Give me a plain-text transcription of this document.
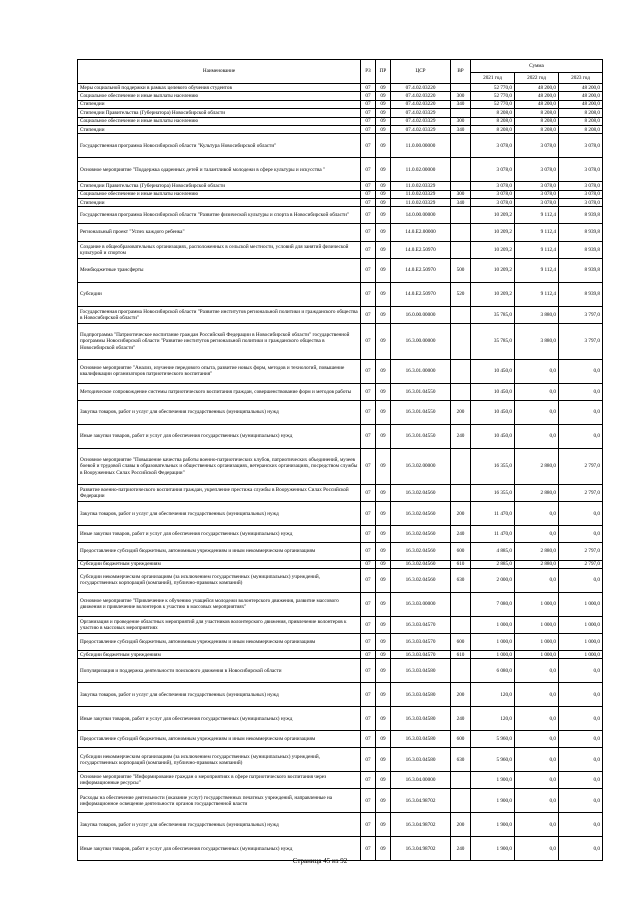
Наименование	РЗ	ПР	ЦСР	ВР	Сумма		
					2021 год	2022 год	2023 год
Меры социальной поддержки в рамках целевого обучения студентов	07	09	07.4.02.03220		52 770,0	48 200,0	48 200,0
Социальное обеспечение и иные выплаты населению	07	09	07.4.02.03220	300	52 770,0	48 200,0	48 200,0
Стипендии	07	09	07.4.02.03220	340	52 770,0	48 200,0	48 200,0
Стипендии Правительства (Губернатора) Новосибирской области	07	09	07.4.02.03329		8 208,0	8 208,0	8 208,0
Социальное обеспечение и иные выплаты населению	07	09	07.4.02.03329	300	8 208,0	8 208,0	8 208,0
Стипендии	07	09	07.4.02.03329	340	8 208,0	8 208,0	8 208,0
Государственная программа Новосибирской области "Культура Новосибирской области"	07	09	11.0.00.00000		3 078,0	3 078,0	3 078,0
Основное мероприятие "Поддержка одаренных детей и талантливой молодежи в сфере культуры и искусства "	07	09	11.0.02.00000		3 078,0	3 078,0	3 078,0
Стипендии Правительства (Губернатора) Новосибирской области	07	09	11.0.02.03329		3 078,0	3 078,0	3 078,0
Социальное обеспечение и иные выплаты населению	07	09	11.0.02.03329	300	3 078,0	3 078,0	3 078,0
Стипендии	07	09	11.0.02.03329	340	3 078,0	3 078,0	3 078,0
Государственная программа Новосибирской области "Развитие физической культуры и спорта в Новосибирской области"	07	09	14.0.00.00000		10 209,2	9 112,4	8 939,8
Региональный проект "Успех каждого ребенка"	07	09	14.0.Е2.00000		10 209,2	9 112,4	8 939,8
Создание в общеобразовательных организациях, расположенных в сельской местности, условий для занятий физической культурой и спортом	07	09	14.0.Е2.50970		10 209,2	9 112,4	8 939,8
Межбюджетные трансферты	07	09	14.0.Е2.50970	500	10 209,2	9 112,4	8 939,8
Субсидии	07	09	14.0.Е2.50970	520	10 209,2	9 112,4	8 939,8
Государственная программа Новосибирской области "Развитие институтов региональной политики и гражданского общества в Новосибирской области"	07	09	16.0.00.00000		35 785,0	3 880,0	3 797,0
Подпрограмма "Патриотическое воспитание граждан Российской Федерации в Новосибирской области" государственной программы Новосибирской области "Развитие институтов региональной политики и гражданского общества в Новосибирской области"	07	09	16.3.00.00000		35 785,0	3 880,0	3 797,0
Основное мероприятие "Анализ, изучение передового опыта, развитие новых форм, методов и технологий, повышение квалификации организаторов патриотического воспитания"	07	09	16.3.01.00000		10 450,0	0,0	0,0
Методическое сопровождение системы патриотического воспитания граждан, совершенствование форм и методов работы	07	09	16.3.01.04550		10 450,0	0,0	0,0
Закупка товаров, работ и услуг для обеспечения государственных (муниципальных) нужд	07	09	16.3.01.04550	200	10 450,0	0,0	0,0
Иные закупки товаров, работ и услуг для обеспечения государственных (муниципальных) нужд	07	09	16.3.01.04550	240	10 450,0	0,0	0,0
Основное мероприятие "Повышение качества работы военно-патриотических клубов, патриотических объединений, музеев боевой и трудовой славы в образовательных и общественных организациях, ветеранских организациях, посредством службы в Вооруженных Силах Российской Федерации"	07	09	16.3.02.00000		16 355,0	2 880,0	2 797,0
Развитие военно-патриотического воспитания граждан, укрепление престижа службы в Вооруженных Силах Российской Федерации	07	09	16.3.02.04560		16 355,0	2 880,0	2 797,0
Закупка товаров, работ и услуг для обеспечения государственных (муниципальных) нужд	07	09	16.3.02.04560	200	11 470,0	0,0	0,0
Иные закупки товаров, работ и услуг для обеспечения государственных (муниципальных) нужд	07	09	16.3.02.04560	240	11 470,0	0,0	0,0
Предоставление субсидий бюджетным, автономным учреждениям и иным некоммерческим организациям	07	09	16.3.02.04560	600	4 885,0	2 880,0	2 797,0
Субсидии бюджетным учреждениям	07	09	16.3.02.04560	610	2 885,0	2 880,0	2 797,0
Субсидии некоммерческим организациям (за исключением государственных (муниципальных) учреждений, государственных корпораций (компаний), публично-правовых компаний)	07	09	16.3.02.04560	630	2 000,0	0,0	0,0
Основное мероприятие "Привлечение к обучению учащейся молодежи волонтерского движения, развитие массового движения и привлечение волонтеров к участию в массовых мероприятиях"	07	09	16.3.03.00000		7 080,0	1 000,0	1 000,0
Организация и проведение областных мероприятий для участников волонтерского движения, привлечение волонтеров к участию в массовых мероприятиях	07	09	16.3.03.04570		1 000,0	1 000,0	1 000,0
Предоставление субсидий бюджетным, автономным учреждениям и иным некоммерческим организациям	07	09	16.3.03.04570	600	1 000,0	1 000,0	1 000,0
Субсидии бюджетным учреждениям	07	09	16.3.03.04570	610	1 000,0	1 000,0	1 000,0
Популяризация и поддержка деятельности поискового движения в Новосибирской области	07	09	16.3.03.04580		6 080,0	0,0	0,0
Закупка товаров, работ и услуг для обеспечения государственных (муниципальных) нужд	07	09	16.3.03.04580	200	120,0	0,0	0,0
Иные закупки товаров, работ и услуг для обеспечения государственных (муниципальных) нужд	07	09	16.3.03.04580	240	120,0	0,0	0,0
Предоставление субсидий бюджетным, автономным учреждениям и иным некоммерческим организациям	07	09	16.3.03.04580	600	5 960,0	0,0	0,0
Субсидии некоммерческим организациям (за исключением государственных (муниципальных) учреждений, государственных корпораций (компаний), публично-правовых компаний)	07	09	16.3.03.04580	630	5 960,0	0,0	0,0
Основное мероприятие "Информирование граждан о мероприятиях в сфере патриотического воспитания через информационные ресурсы"	07	09	16.3.04.00000		1 900,0	0,0	0,0
Расходы на обеспечение деятельности (оказание услуг) государственных печатных учреждений, направленные на информационное освещение деятельности органов государственной власти	07	09	16.3.04.98702		1 900,0	0,0	0,0
Закупка товаров, работ и услуг для обеспечения государственных (муниципальных) нужд	07	09	16.3.04.98702	200	1 900,0	0,0	0,0
Иные закупки товаров, работ и услуг для обеспечения государственных (муниципальных) нужд	07	09	16.3.04.98702	240	1 900,0	0,0	0,0
Страница 45 из 92
